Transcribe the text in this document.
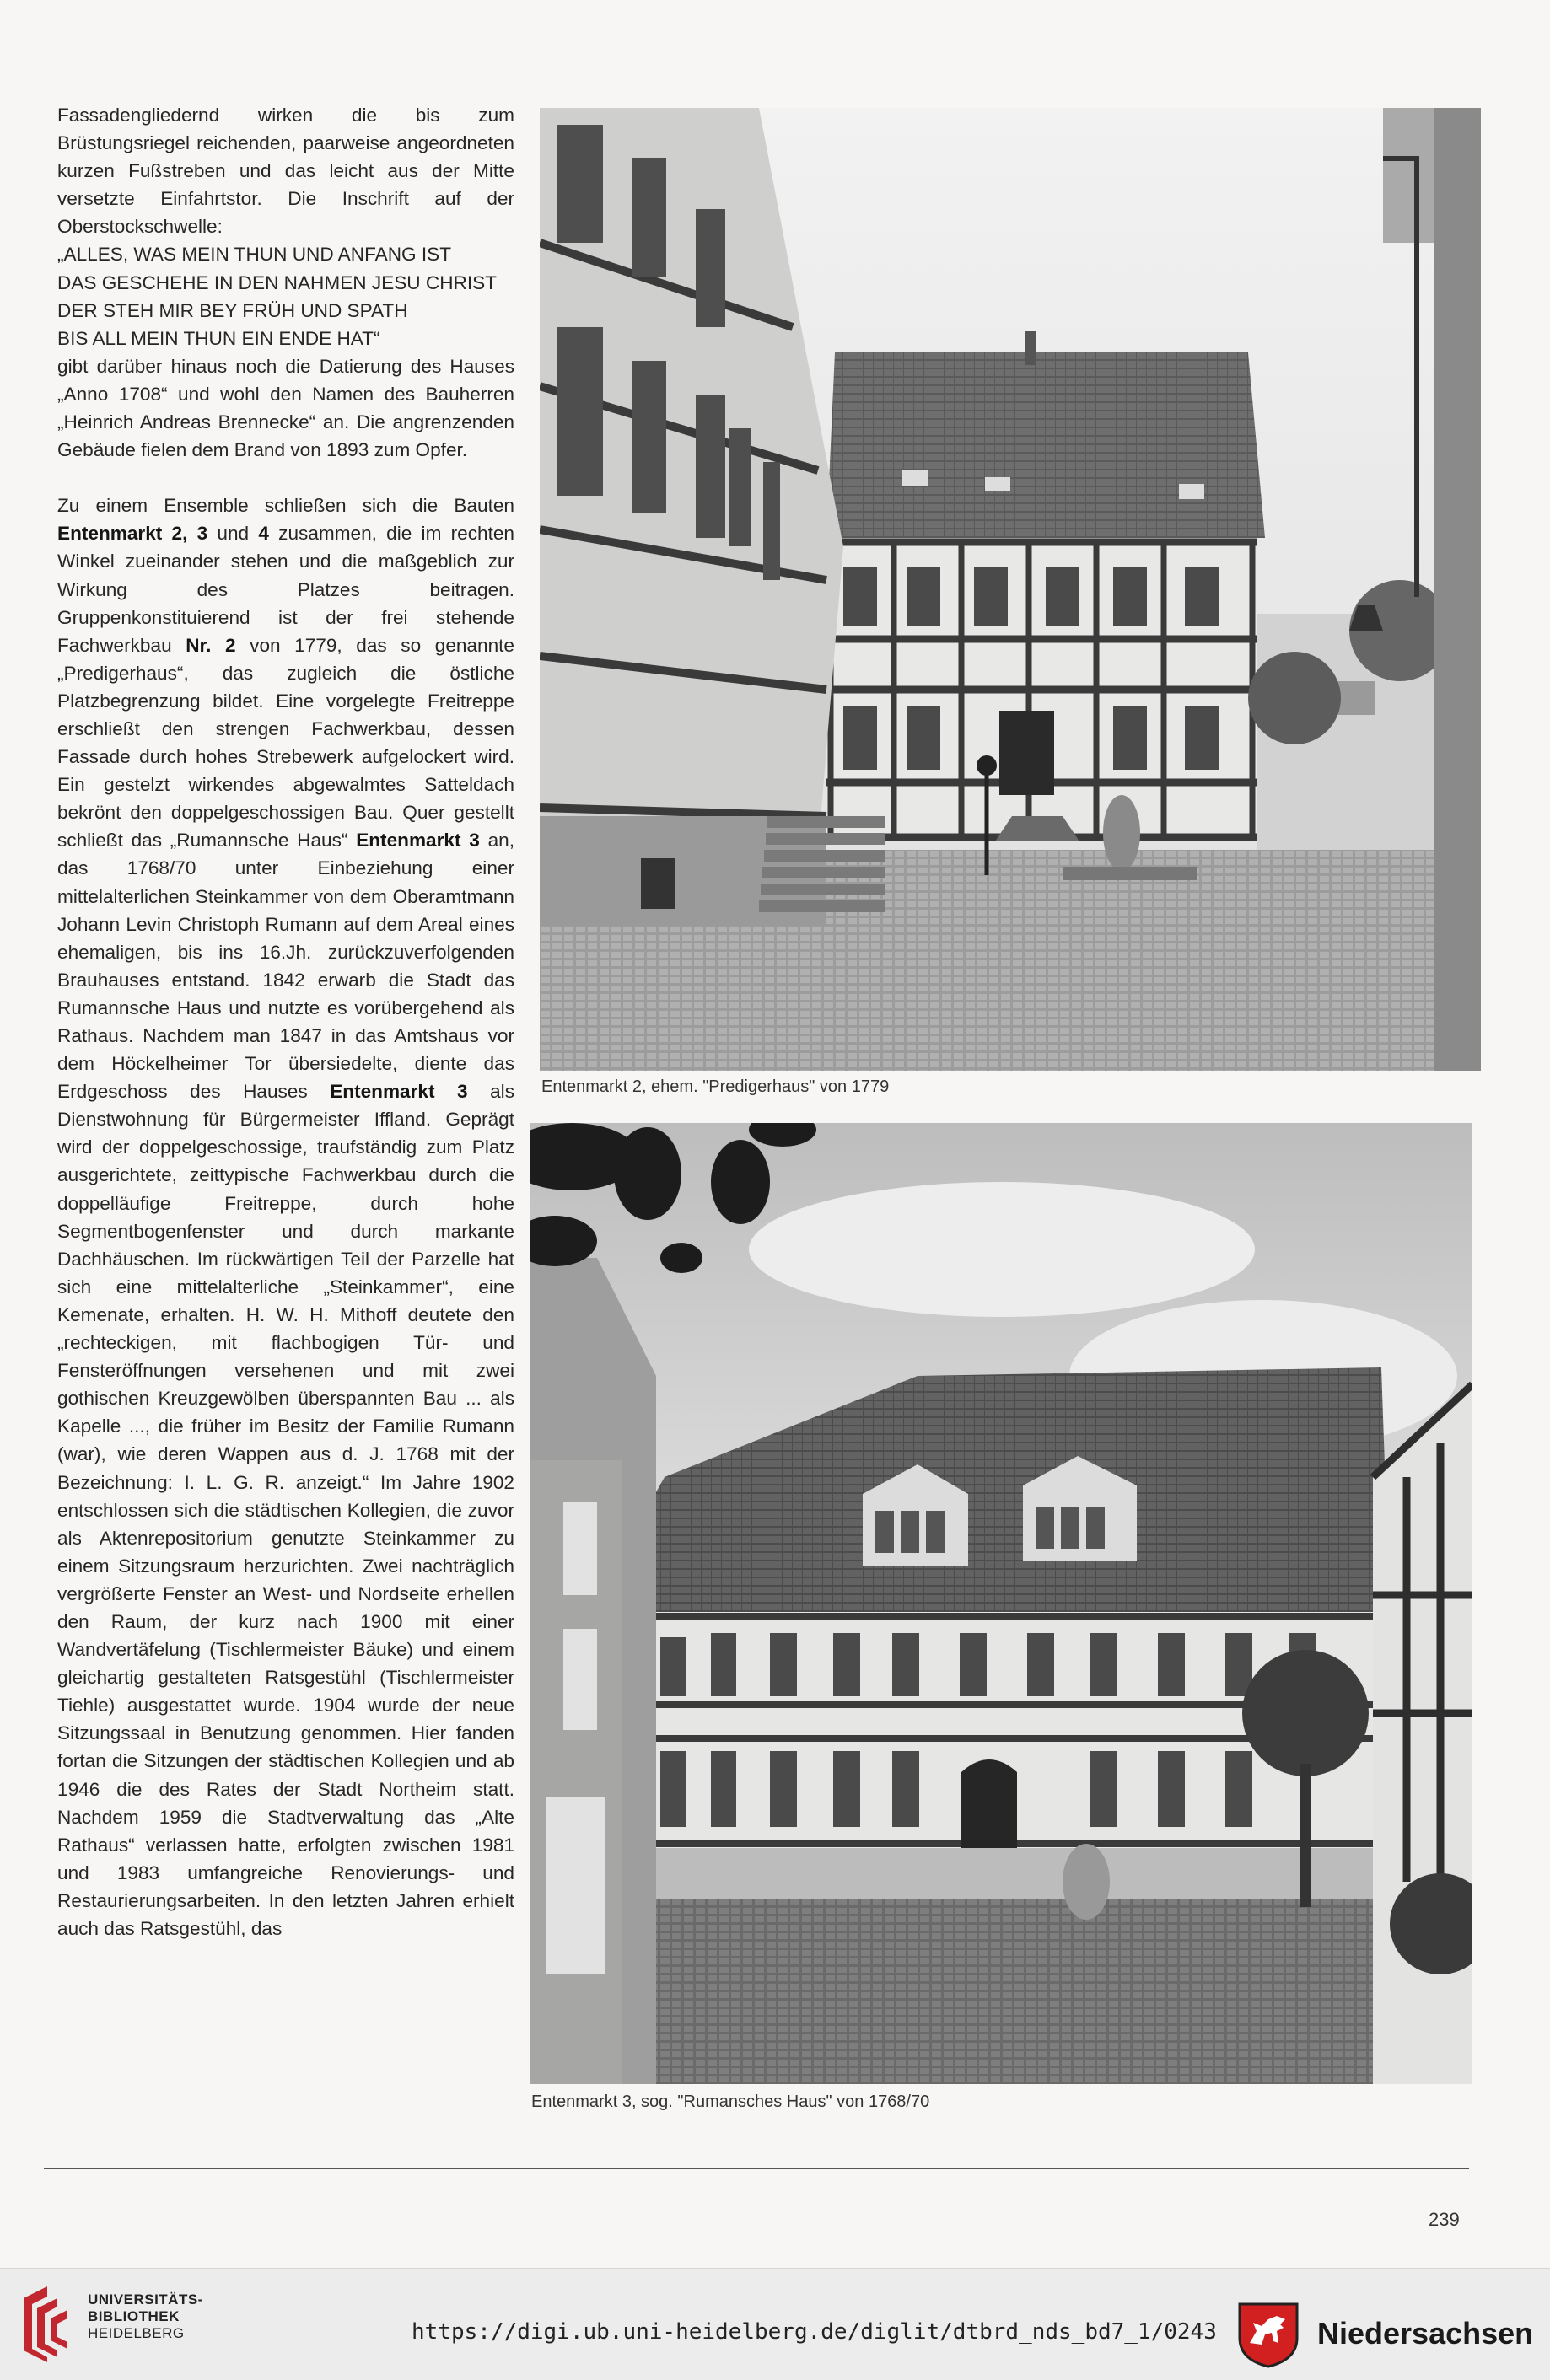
Fassadengliedernd wirken die bis zum Brüstungsriegel reichenden, paarweise angeordneten kurzen Fußstreben und das leicht aus der Mitte versetzte Einfahrtstor. Die Inschrift auf der Oberstockschwelle:
„ALLES, WAS MEIN THUN UND ANFANG IST
DAS GESCHEHE IN DEN NAHMEN JESU CHRIST
DER STEH MIR BEY FRÜH UND SPATH
BIS ALL MEIN THUN EIN ENDE HAT“
gibt darüber hinaus noch die Datierung des Hauses „Anno 1708“ und wohl den Namen des Bauherren „Heinrich Andreas Brennecke“ an. Die angrenzenden Gebäude fielen dem Brand von 1893 zum Opfer.

Zu einem Ensemble schließen sich die Bauten Entenmarkt 2, 3 und 4 zusammen, die im rechten Winkel zueinander stehen und die maßgeblich zur Wirkung des Platzes beitragen. Gruppenkonstituierend ist der frei stehende Fachwerkbau Nr. 2 von 1779, das so genannte „Predigerhaus“, das zugleich die östliche Platzbegrenzung bildet. Eine vorgelegte Freitreppe erschließt den strengen Fachwerkbau, dessen Fassade durch hohes Strebewerk aufgelockert wird. Ein gestelzt wirkendes abgewalmtes Satteldach bekrönt den doppelgeschossigen Bau. Quer gestellt schließt das „Rumannsche Haus“ Entenmarkt 3 an, das 1768/70 unter Einbeziehung einer mittelalterlichen Steinkammer von dem Oberamtmann Johann Levin Christoph Rumann auf dem Areal eines ehemaligen, bis ins 16.Jh. zurückzuverfolgenden Brauhauses entstand. 1842 erwarb die Stadt das Rumannsche Haus und nutzte es vorübergehend als Rathaus. Nachdem man 1847 in das Amtshaus vor dem Höckelheimer Tor übersiedelte, diente das Erdgeschoss des Hauses Entenmarkt 3 als Dienstwohnung für Bürgermeister Iffland. Geprägt wird der doppelgeschossige, traufständig zum Platz ausgerichtete, zeittypische Fachwerkbau durch die doppelläufige Freitreppe, durch hohe Segmentbogenfenster und durch markante Dachhäuschen. Im rückwärtigen Teil der Parzelle hat sich eine mittelalterliche „Steinkammer“, eine Kemenate, erhalten. H. W. H. Mithoff deutete den „rechteckigen, mit flachbogigen Tür- und Fensteröffnungen versehenen und mit zwei gothischen Kreuzgewölben überspannten Bau ... als Kapelle ..., die früher im Besitz der Familie Rumann (war), wie deren Wappen aus d. J. 1768 mit der Bezeichnung: I. L. G. R. anzeigt.“ Im Jahre 1902 entschlossen sich die städtischen Kollegien, die zuvor als Aktenrepositorium genutzte Steinkammer zu einem Sitzungsraum herzurichten. Zwei nachträglich vergrößerte Fenster an West- und Nordseite erhellen den Raum, der kurz nach 1900 mit einer Wandvertäfelung (Tischlermeister Bäuke) und einem gleichartig gestalteten Ratsgestühl (Tischlermeister Tiehle) ausgestattet wurde. 1904 wurde der neue Sitzungssaal in Benutzung genommen. Hier fanden fortan die Sitzungen der städtischen Kollegien und ab 1946 die des Rates der Stadt Northeim statt. Nachdem 1959 die Stadtverwaltung das „Alte Rathaus“ verlassen hatte, erfolgten zwischen 1981 und 1983 umfangreiche Renovierungs- und Restaurierungsarbeiten. In den letzten Jahren erhielt auch das Ratsgestühl, das

Entenmarkt 2, ehem. "Predigerhaus" von 1779
Entenmarkt 3, sog. "Rumansches Haus" von 1768/70
239
UNIVERSITÄTS-
BIBLIOTHEK
HEIDELBERG	https://digi.ub.uni-heidelberg.de/diglit/dtbrd_nds_bd7_1/0243	Niedersachsen
